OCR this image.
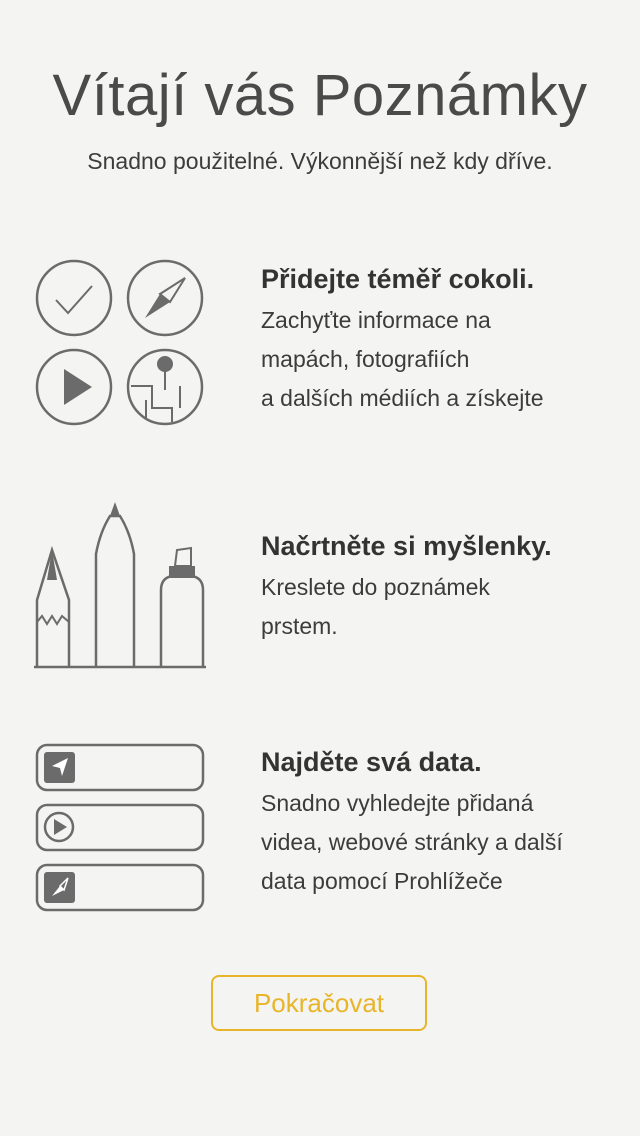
Vítají vás Poznámky
Snadno použitelné. Výkonnější než kdy dříve.
Přidejte téměř cokoli.
Zachyťte informace na
mapách, fotografiích
a dalších médiích a získejte
Načrtněte si myšlenky.
Kreslete do poznámek
prstem.
Najděte svá data.
Snadno vyhledejte přidaná
videa, webové stránky a další
data pomocí Prohlížeče
Pokračovat
